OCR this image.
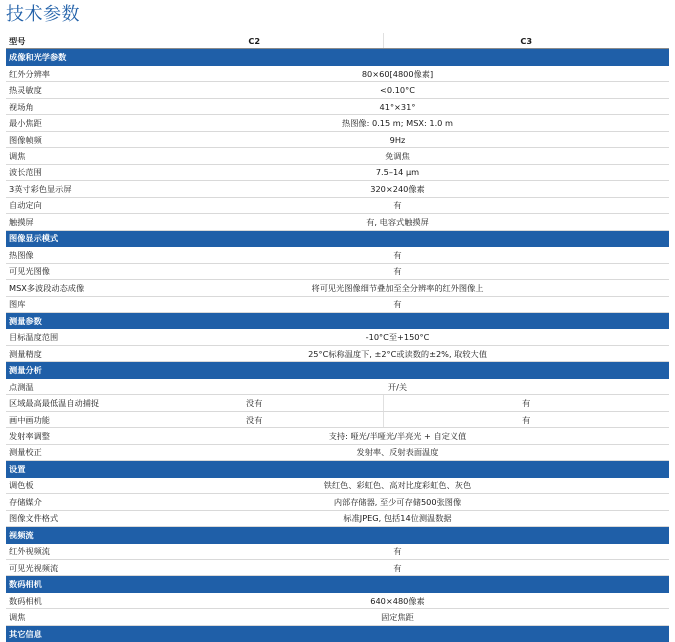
技术参数
型号	C2	C3
成像和光学参数		
红外分辨率	80×60[4800像素]	
热灵敏度	<0.10°C	
视场角	41°×31°	
最小焦距	热图像: 0.15 m; MSX: 1.0 m	
图像帧频	9Hz	
调焦	免调焦	
波长范围	7.5–14 µm	
3英寸彩色显示屏	320×240像素	
自动定向	有	
触摸屏	有, 电容式触摸屏	
图像显示模式		
热图像	有	
可见光图像	有	
MSX多波段动态成像	将可见光图像细节叠加至全分辨率的红外图像上	
图库	有	
测量参数		
目标温度范围	-10°C至+150°C	
测量精度	25°C标称温度下, ±2°C或读数的±2%, 取较大值	
测量分析		
点测温	开/关	
区域最高最低温自动捕捉	没有	有
画中画功能	没有	有
发射率调整	支持: 哑光/半哑光/半亮光 + 自定义值	
测量校正	发射率、反射表面温度	
设置		
调色板	铁红色、彩虹色、高对比度彩虹色、灰色	
存储媒介	内部存储器, 至少可存储500张图像	
图像文件格式	标准JPEG, 包括14位测温数据	
视频流		
红外视频流	有	
可见光视频流	有	
数码相机		
数码相机	640×480像素	
调焦	固定焦距	
其它信息		
